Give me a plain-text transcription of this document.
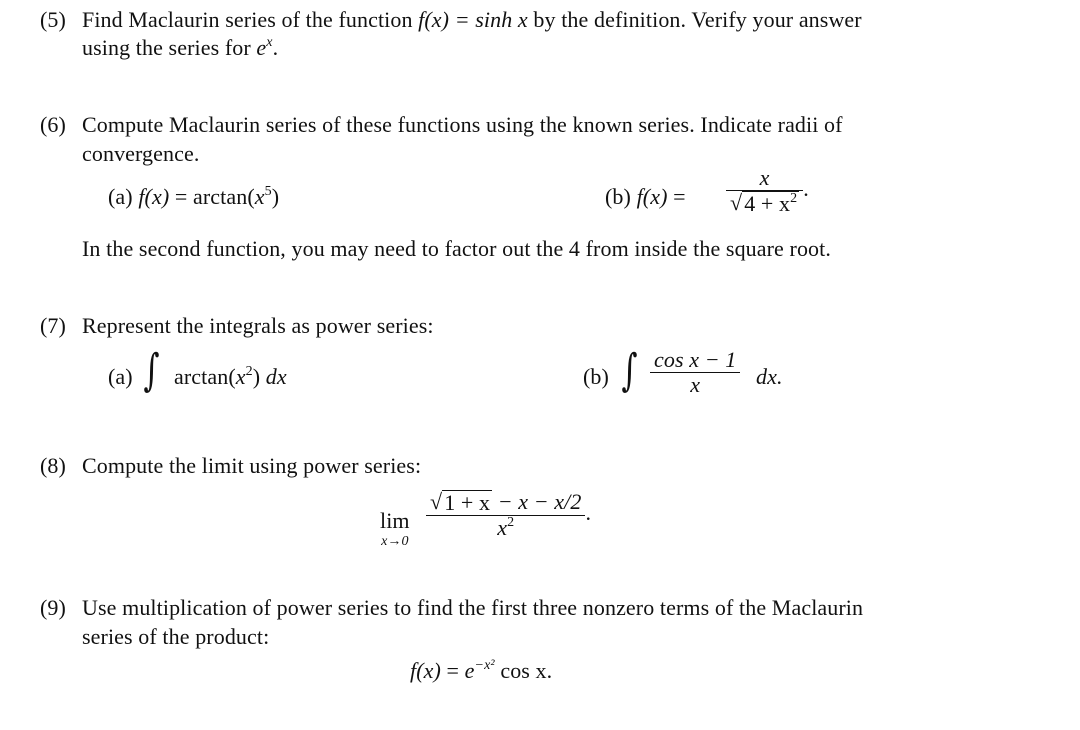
(5) Find Maclaurin series of the function f(x) = sinh x by the definition. Verify your answer
using the series for $e^x$.
(6) Compute Maclaurin series of these functions using the known series. Indicate radii of
convergence.
(a) $f(x) = \arctan(x^5)$	(b) $f(x) = \frac{x}{√ 4 + x^2}$ .
In the second function, you may need to factor out the 4 from inside the square root.
(7) Represent the integrals as power series:
(a) ∫ $\arctan(x^2)$ dx	(b) ∫ $\frac{\text{cos x − 1}}{x}$ dx.
(8) Compute the limit using power series:
lim
x→0
$\frac{√ 1 + x - x - x/2}{x^2}$ .
(9) Use multiplication of power series to find the first three nonzero terms of the Maclaurin
series of the product:
$f(x) = e^{-x^2}$ cos x.
